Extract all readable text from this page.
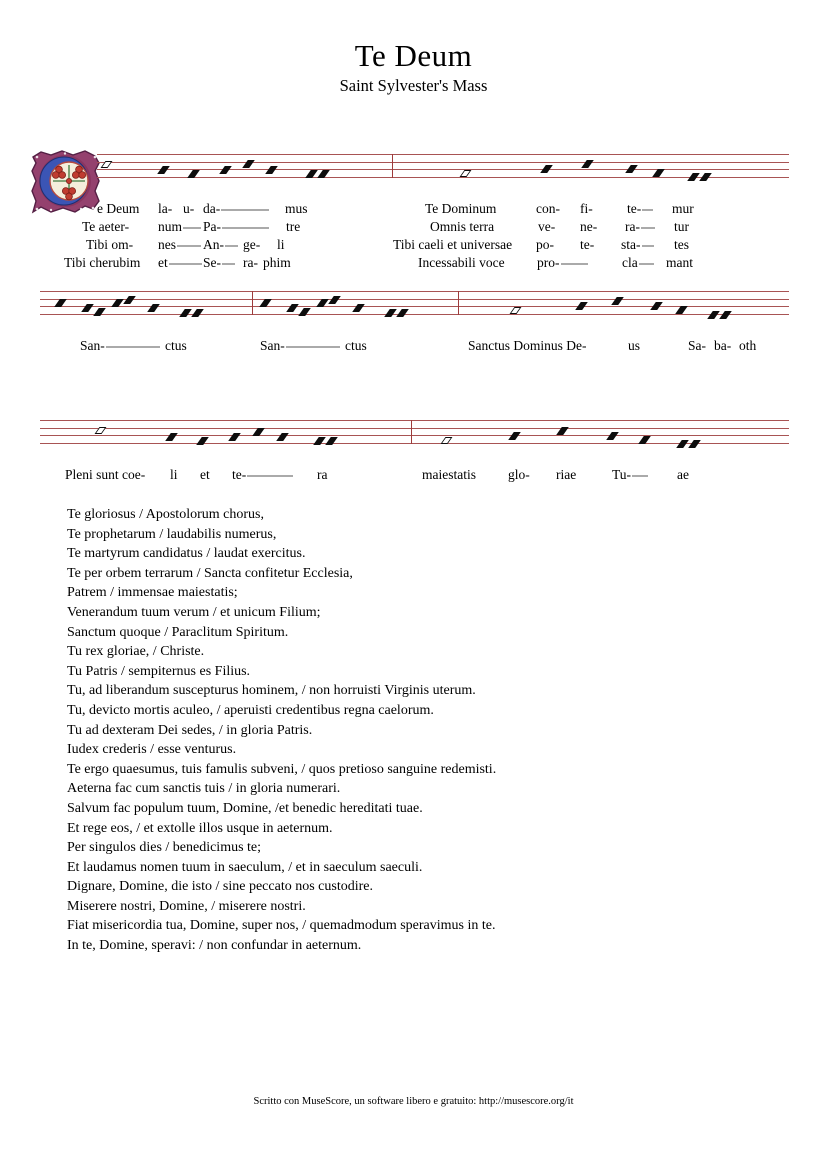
Te Deum
Saint Sylvester's Mass
e Deum la- u- da-	mus	Te Dominum	con- fi-	te-	mur
Te aeter- num	Pa-	tre	Omnis terra	ve- ne- ra-	tur
Tibi om- nes	An-	ge- li	Tibi caeli et universae po- te- sta-	tes
Tibi cherubim et	Se-	ra- phim	Incessabili voce pro-	cla	mant
San-	ctus	San-	ctus	Sanctus Dominus De-	us	Sa- ba- oth
Pleni sunt coe- li et te-	ra	maiestatis glo- riae	Tu-	ae
Te gloriosus / Apostolorum chorus,
Te prophetarum / laudabilis numerus,
Te martyrum candidatus / laudat exercitus.
Te per orbem terrarum / Sancta confitetur Ecclesia,
Patrem / immensae maiestatis;
Venerandum tuum verum / et unicum Filium;
Sanctum quoque / Paraclitum Spiritum.
Tu rex gloriae, / Christe.
Tu Patris / sempiternus es Filius.
Tu, ad liberandum suscepturus hominem, / non horruisti Virginis uterum.
Tu, devicto mortis aculeo, / aperuisti credentibus regna caelorum.
Tu ad dexteram Dei sedes, / in gloria Patris.
Iudex crederis / esse venturus.
Te ergo quaesumus, tuis famulis subveni, / quos pretioso sanguine redemisti.
Aeterna fac cum sanctis tuis / in gloria numerari.
Salvum fac populum tuum, Domine, /et benedic hereditati tuae.
Et rege eos, / et extolle illos usque in aeternum.
Per singulos dies / benedicimus te;
Et laudamus nomen tuum in saeculum, / et in saeculum saeculi.
Dignare, Domine, die isto / sine peccato nos custodire.
Miserere nostri, Domine, / miserere nostri.
Fiat misericordia tua, Domine, super nos, / quemadmodum speravimus in te.
In te, Domine, speravi: / non confundar in aeternum.
Scritto con MuseScore, un software libero e gratuito: http://musescore.org/it
